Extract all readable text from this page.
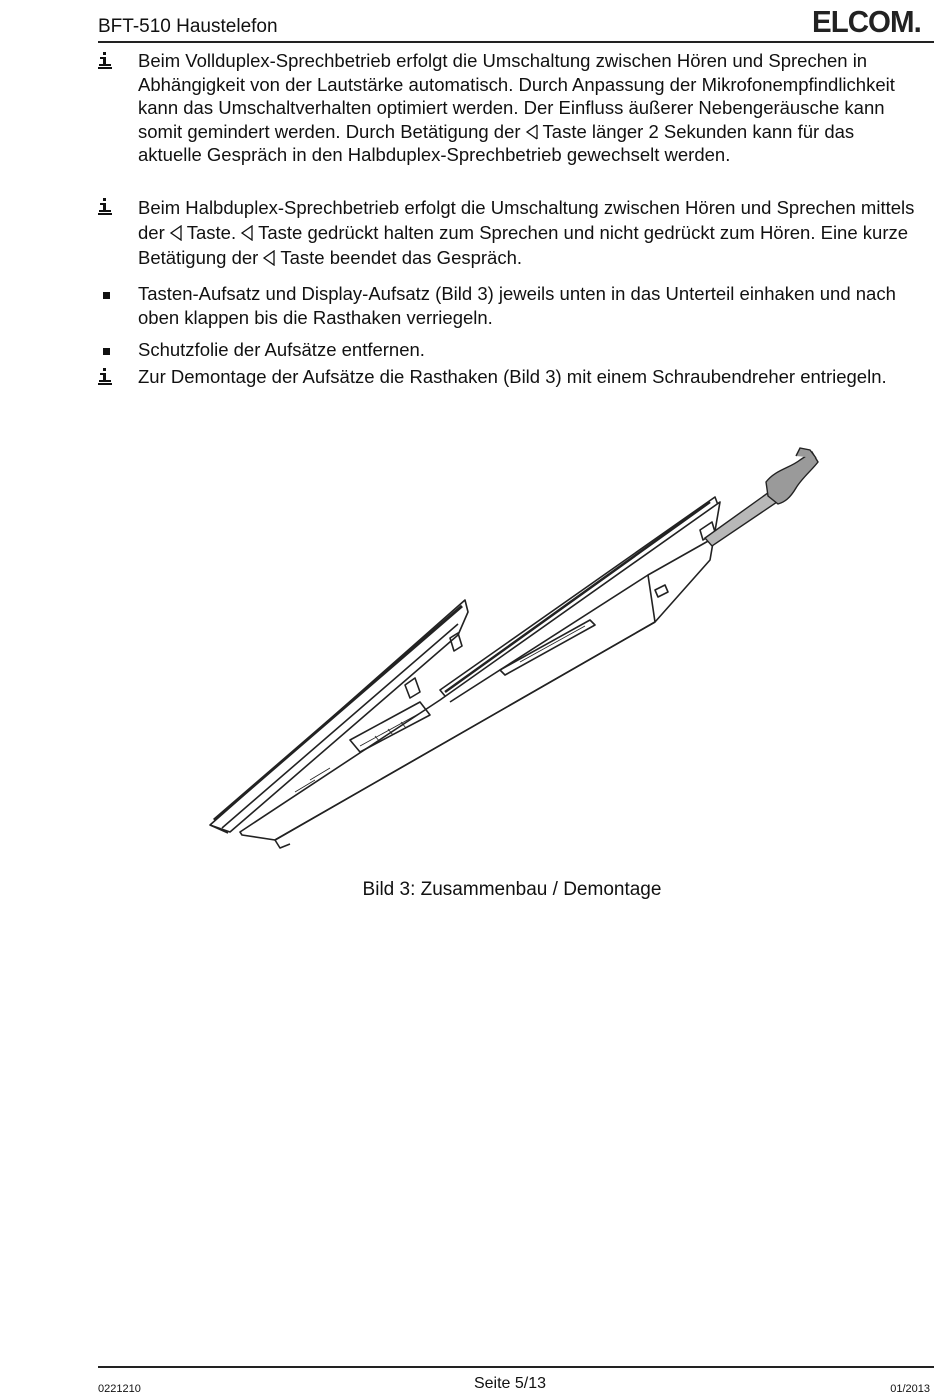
BFT-510 Haustelefon	ELCOM.
Beim Vollduplex-Sprechbetrieb erfolgt die Umschaltung zwischen Hören und Sprechen in Abhängigkeit von der Lautstärke automatisch. Durch Anpassung der Mikrofonempfindlichkeit kann das Umschaltverhalten optimiert werden. Der Einfluss äußerer Nebengeräusche kann somit gemindert werden. Durch Betätigung der Taste länger 2 Sekunden kann für das aktuelle Gespräch in den Halbduplex-Sprechbetrieb gewechselt werden.
Beim Halbduplex-Sprechbetrieb erfolgt die Umschaltung zwischen Hören und Sprechen mittels der Taste. Taste gedrückt halten zum Sprechen und nicht gedrückt zum Hören. Eine kurze Betätigung der Taste beendet das Gespräch.
Tasten-Aufsatz und Display-Aufsatz (Bild 3) jeweils unten in das Unterteil einhaken und nach oben klappen bis die Rasthaken verriegeln.
Schutzfolie der Aufsätze entfernen.
Zur Demontage der Aufsätze die Rasthaken (Bild 3) mit einem Schraubendreher entriegeln.
Bild 3: Zusammenbau / Demontage
0221210	Seite 5/13	01/2013
